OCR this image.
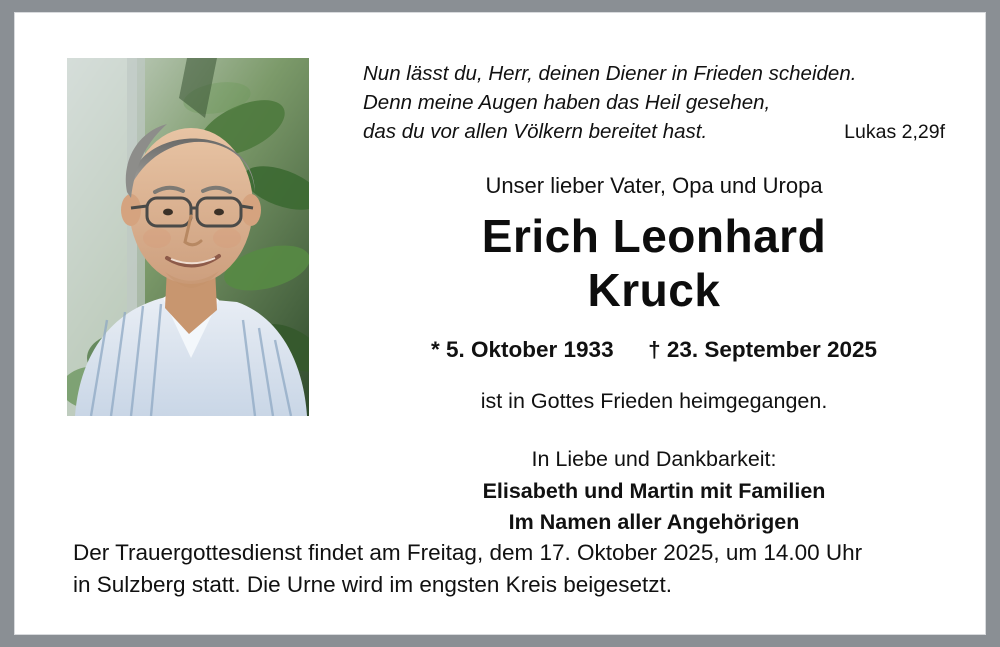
Nun lässt du, Herr, deinen Diener in Frieden scheiden.
Denn meine Augen haben das Heil gesehen,
das du vor allen Völkern bereitet hast.	Lukas 2,29f
Unser lieber Vater, Opa und Uropa
Erich Leonhard
Kruck
* 5. Oktober 1933 † 23. September 2025
ist in Gottes Frieden heimgegangen.
In Liebe und Dankbarkeit:
Elisabeth und Martin mit Familien
Im Namen aller Angehörigen
Der Trauergottesdienst findet am Freitag, dem 17. Oktober 2025, um 14.00 Uhr
in Sulzberg statt. Die Urne wird im engsten Kreis beigesetzt.
